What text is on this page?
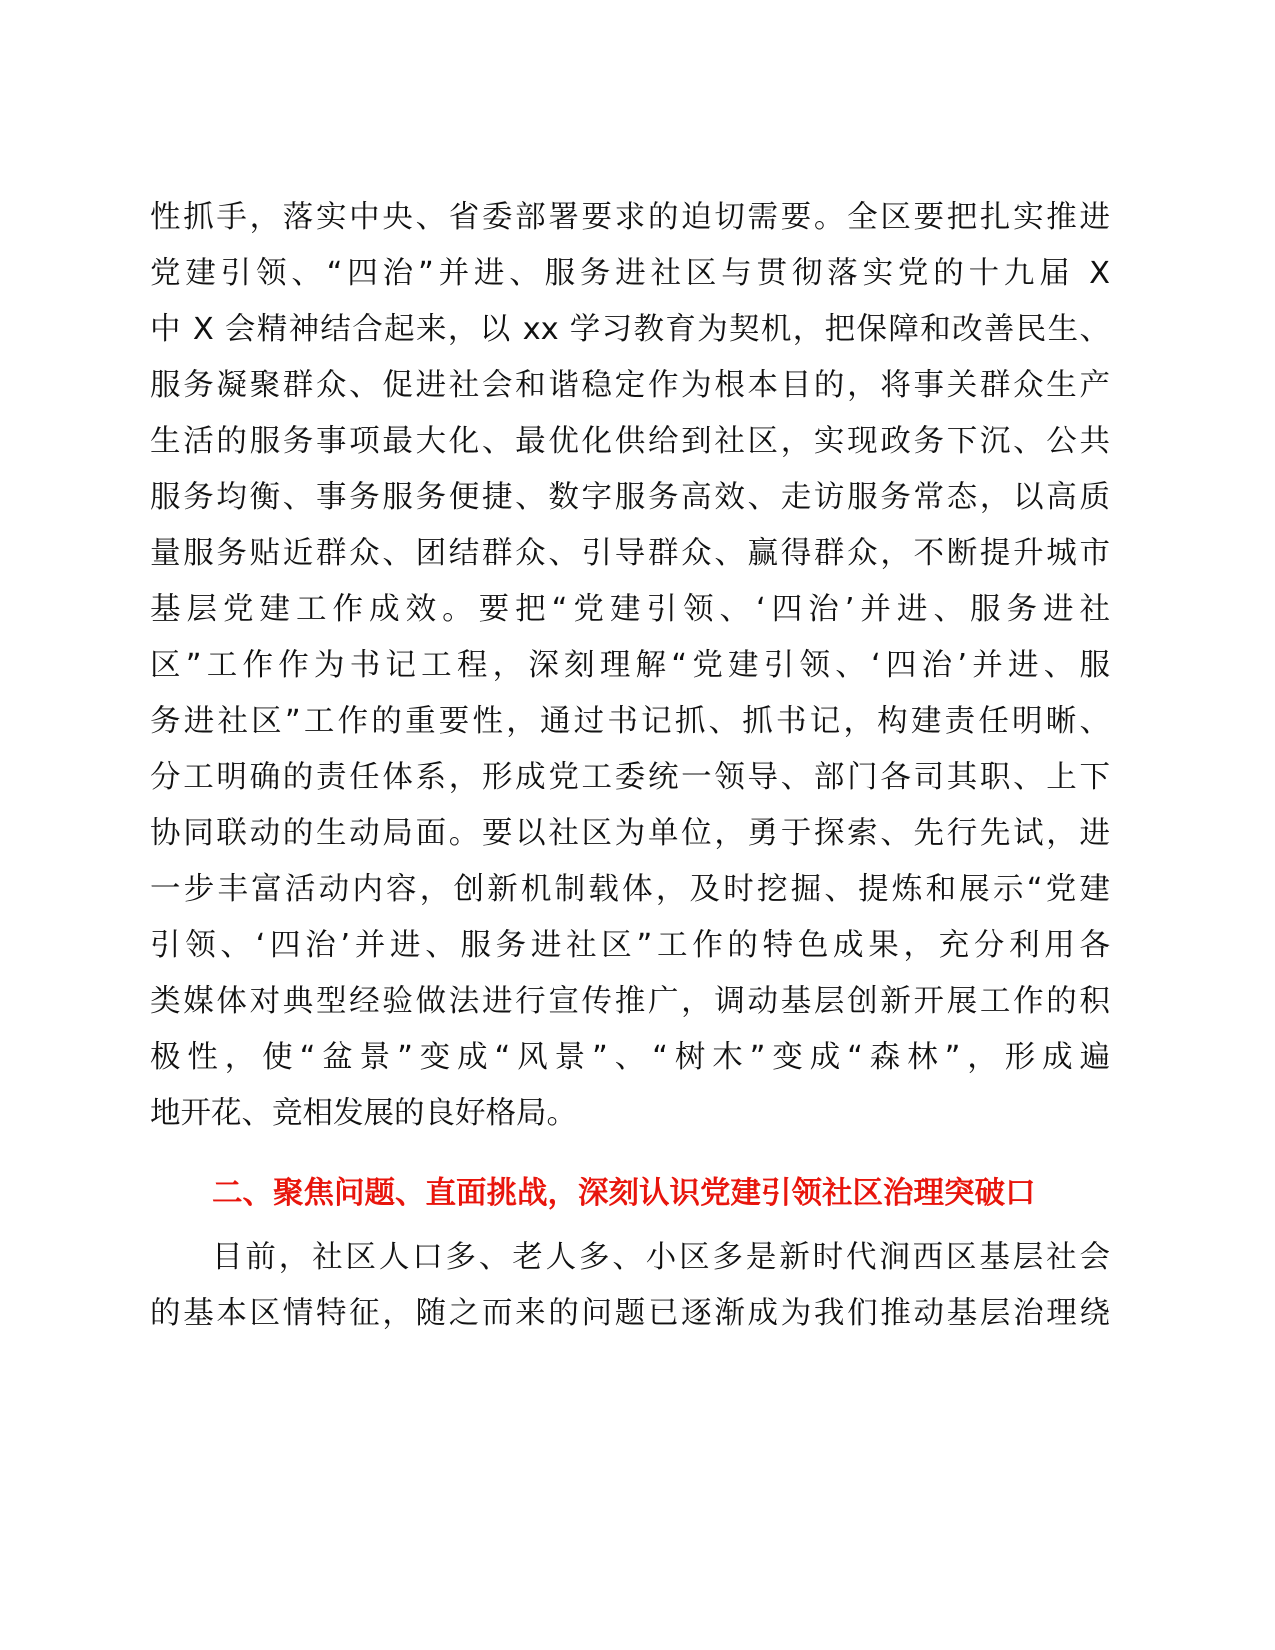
性抓手，落实中央、省委部署要求的迫切需要。全区要把扎实推进
党建引领、“四治”并进、服务进社区与贯彻落实党的十九届 X
中 X 会精神结合起来，以 xx 学习教育为契机，把保障和改善民生、
服务凝聚群众、促进社会和谐稳定作为根本目的，将事关群众生产
生活的服务事项最大化、最优化供给到社区，实现政务下沉、公共
服务均衡、事务服务便捷、数字服务高效、走访服务常态，以高质
量服务贴近群众、团结群众、引导群众、赢得群众，不断提升城市
基层党建工作成效。要把“党建引领、‘四治’并进、服务进社
区”工作作为书记工程，深刻理解“党建引领、‘四治’并进、服
务进社区”工作的重要性，通过书记抓、抓书记，构建责任明晰、
分工明确的责任体系，形成党工委统一领导、部门各司其职、上下
协同联动的生动局面。要以社区为单位，勇于探索、先行先试，进
一步丰富活动内容，创新机制载体，及时挖掘、提炼和展示“党建
引领、‘四治’并进、服务进社区”工作的特色成果，充分利用各
类媒体对典型经验做法进行宣传推广，调动基层创新开展工作的积
极性，使“盆景”变成“风景”、“树木”变成“森林”，形成遍
地开花、竞相发展的良好格局。
二、聚焦问题、直面挑战，深刻认识党建引领社区治理突破口
目前，社区人口多、老人多、小区多是新时代涧西区基层社会
的基本区情特征，随之而来的问题已逐渐成为我们推动基层治理绕
